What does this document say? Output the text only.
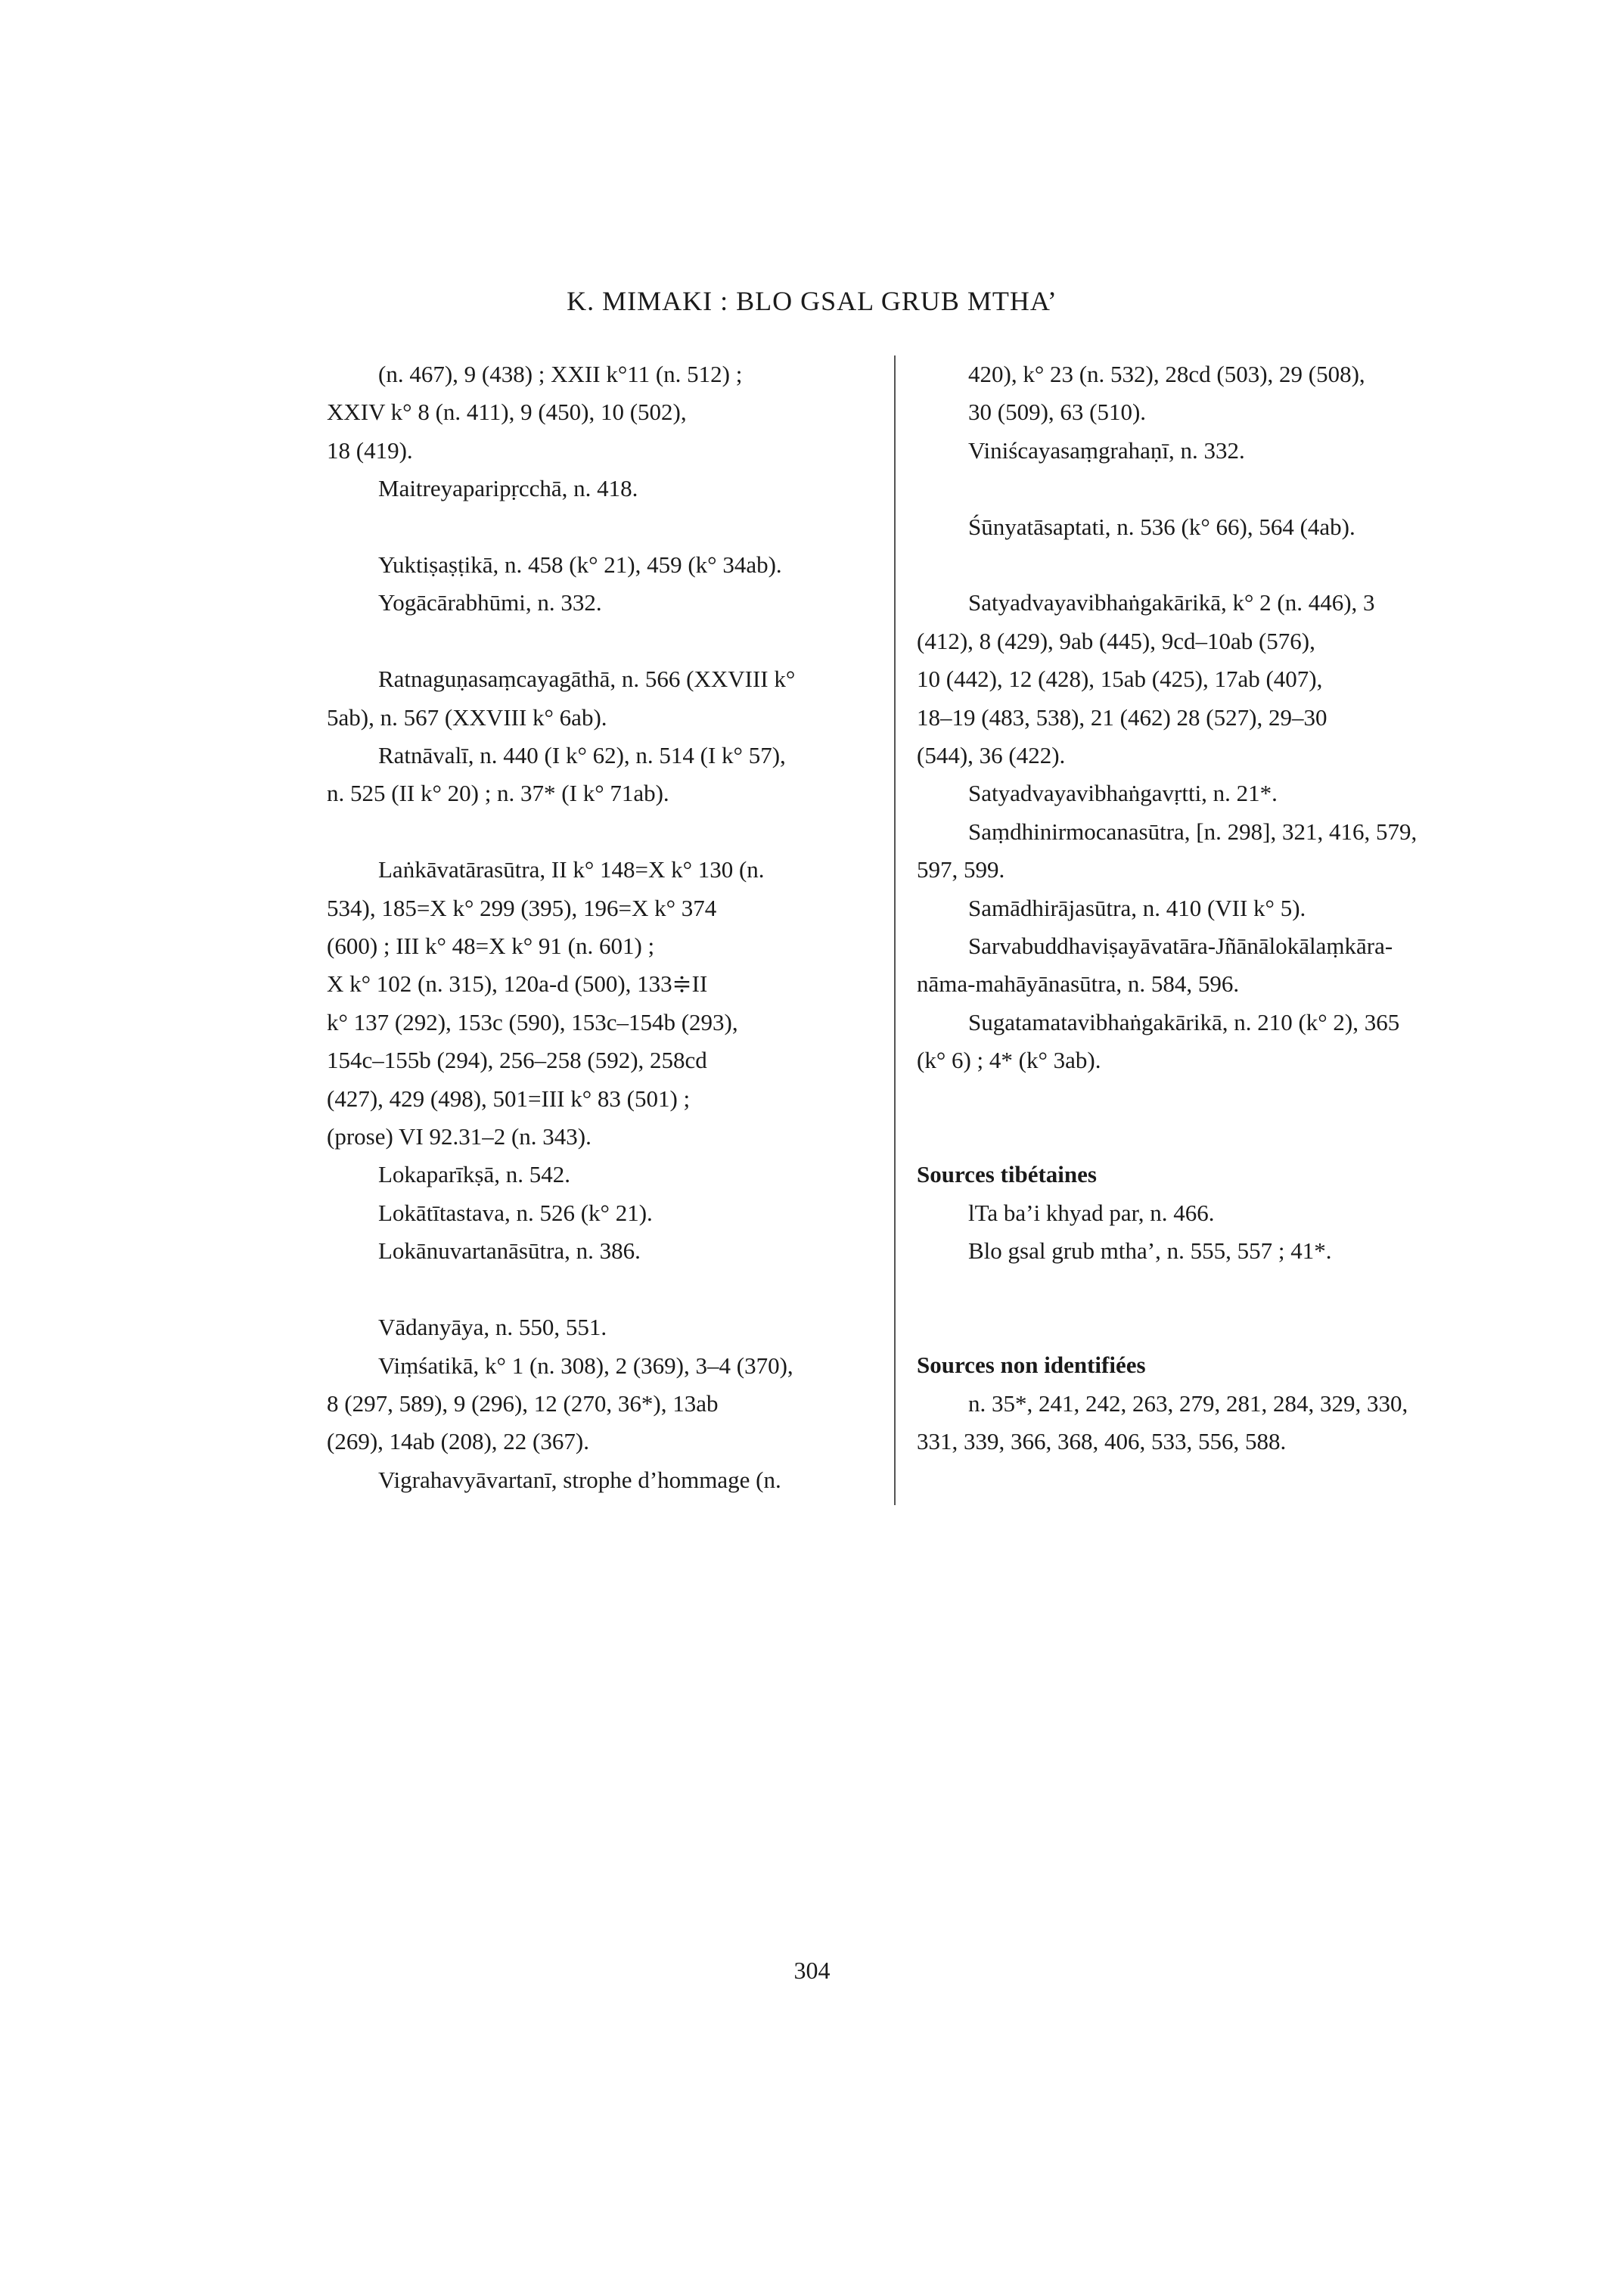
K. MIMAKI : BLO GSAL GRUB MTHA’

(n. 467), 9 (438) ; XXII k°11 (n. 512) ;
XXIV k° 8 (n. 411), 9 (450), 10 (502),
18 (419).

Maitreyaparipṛcchā, n. 418.

Yuktiṣaṣṭikā, n. 458 (k° 21), 459 (k° 34ab).

Yogācārabhūmi, n. 332.

Ratnaguṇasaṃcayagāthā, n. 566 (XXVIII k°
5ab), n. 567 (XXVIII k° 6ab).

Ratnāvalī, n. 440 (I k° 62), n. 514 (I k° 57),
n. 525 (II k° 20) ; n. 37* (I k° 71ab).

Laṅkāvatārasūtra, II k° 148=X k° 130 (n.
534), 185=X k° 299 (395), 196=X k° 374
(600) ; III k° 48=X k° 91 (n. 601) ;
X k° 102 (n. 315), 120a-d (500), 133≑II
k° 137 (292), 153c (590), 153c–154b (293),
154c–155b (294), 256–258 (592), 258cd
(427), 429 (498), 501=III k° 83 (501) ;
(prose) VI 92.31–2 (n. 343).

Lokaparīkṣā, n. 542.

Lokātītastava, n. 526 (k° 21).

Lokānuvartanāsūtra, n. 386.

Vādanyāya, n. 550, 551.

Viṃśatikā, k° 1 (n. 308), 2 (369), 3–4 (370),
8 (297, 589), 9 (296), 12 (270, 36*), 13ab
(269), 14ab (208), 22 (367).

Vigrahavyāvartanī, strophe d’hommage (n.

420), k° 23 (n. 532), 28cd (503), 29 (508),
30 (509), 63 (510).

Viniścayasaṃgrahaṇī, n. 332.

Śūnyatāsaptati, n. 536 (k° 66), 564 (4ab).

Satyadvayavibhaṅgakārikā, k° 2 (n. 446), 3
(412), 8 (429), 9ab (445), 9cd–10ab (576),
10 (442), 12 (428), 15ab (425), 17ab (407),
18–19 (483, 538), 21 (462) 28 (527), 29–30
(544), 36 (422).

Satyadvayavibhaṅgavṛtti, n. 21*.

Saṃdhinirmocanasūtra, [n. 298], 321, 416, 579,
597, 599.

Samādhirājasūtra, n. 410 (VII k° 5).

Sarvabuddhaviṣayāvatāra-Jñānālokālaṃkāra-
nāma-mahāyānasūtra, n. 584, 596.

Sugatamatavibhaṅgakārikā, n. 210 (k° 2), 365
(k° 6) ; 4* (k° 3ab).

Sources tibétaines

lTa ba’i khyad par, n. 466.

Blo gsal grub mtha’, n. 555, 557 ; 41*.

Sources non identifiées

n. 35*, 241, 242, 263, 279, 281, 284, 329, 330,
331, 339, 366, 368, 406, 533, 556, 588.

304
